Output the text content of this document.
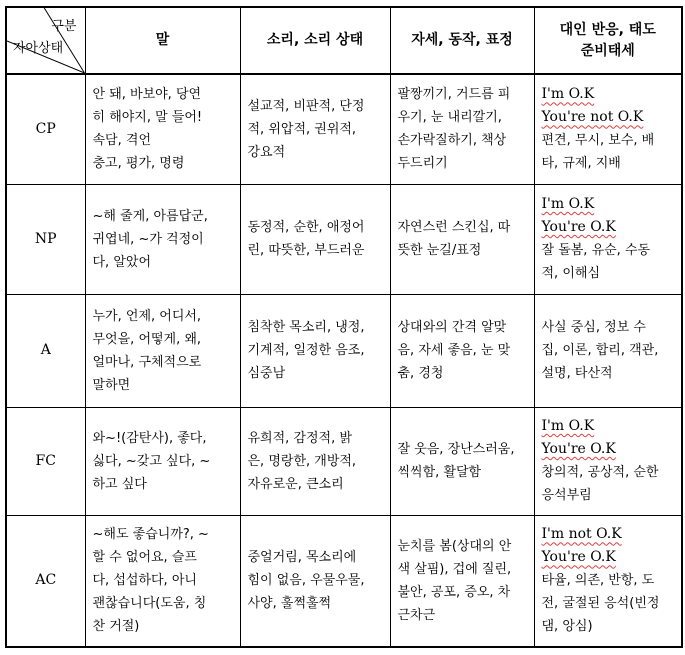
구분
자아상태	말	소리, 소리 상태	자세, 동작, 표정	대인 반응, 태도
준비태세

CP	안 돼, 바보야, 당연
히 해야지, 말 들어!
속담, 격언
충고, 평가, 명령	설교적, 비판적, 단정
적, 위압적, 권위적,
강요적	팔짱끼기, 거드름 피
우기, 눈 내리깔기,
손가락질하기, 책상
두드리기	I'm O.K
You're not O.K
편견, 무시, 보수, 배
타, 규제, 지배

NP	~해 줄게, 아름답군,
귀엽네, ~가 걱정이
다, 알았어	동정적, 순한, 애정어
린, 따뜻한, 부드러운	자연스런 스킨십, 따
뜻한 눈길/표정	I'm O.K
You're O.K
잘 돌봄, 유순, 수동
적, 이해심

A	누가, 언제, 어디서,
무엇을, 어떻게, 왜,
얼마나, 구체적으로
말하면	침착한 목소리, 냉정,
기계적, 일정한 음조,
심중남	상대와의 간격 알맞
음, 자세 좋음, 눈 맞
춤, 경청	사실 중심, 정보 수
집, 이론, 합리, 객관,
설명, 타산적

FC	와~!(감탄사), 좋다,
싫다, ~갖고 싶다, ~
하고 싶다	유희적, 감정적, 밝
은, 명랑한, 개방적,
자유로운, 큰소리	잘 웃음, 장난스러움,
씩씩함, 활달함	I'm O.K
You're O.K
창의적, 공상적, 순한
응석부림

AC	~해도 좋습니까?, ~
할 수 없어요, 슬프
다, 섭섭하다, 아니
괜찮습니다(도움, 칭
찬 거절)	중얼거림, 목소리에
힘이 없음, 우물우물,
사양, 훌쩍훌쩍	눈치를 봄(상대의 안
색 살핌), 겁에 질린,
불안, 공포, 증오, 차
근차근	I'm not O.K
You're O.K
타율, 의존, 반항, 도
전, 굴절된 응석(빈정
댐, 앙심)
